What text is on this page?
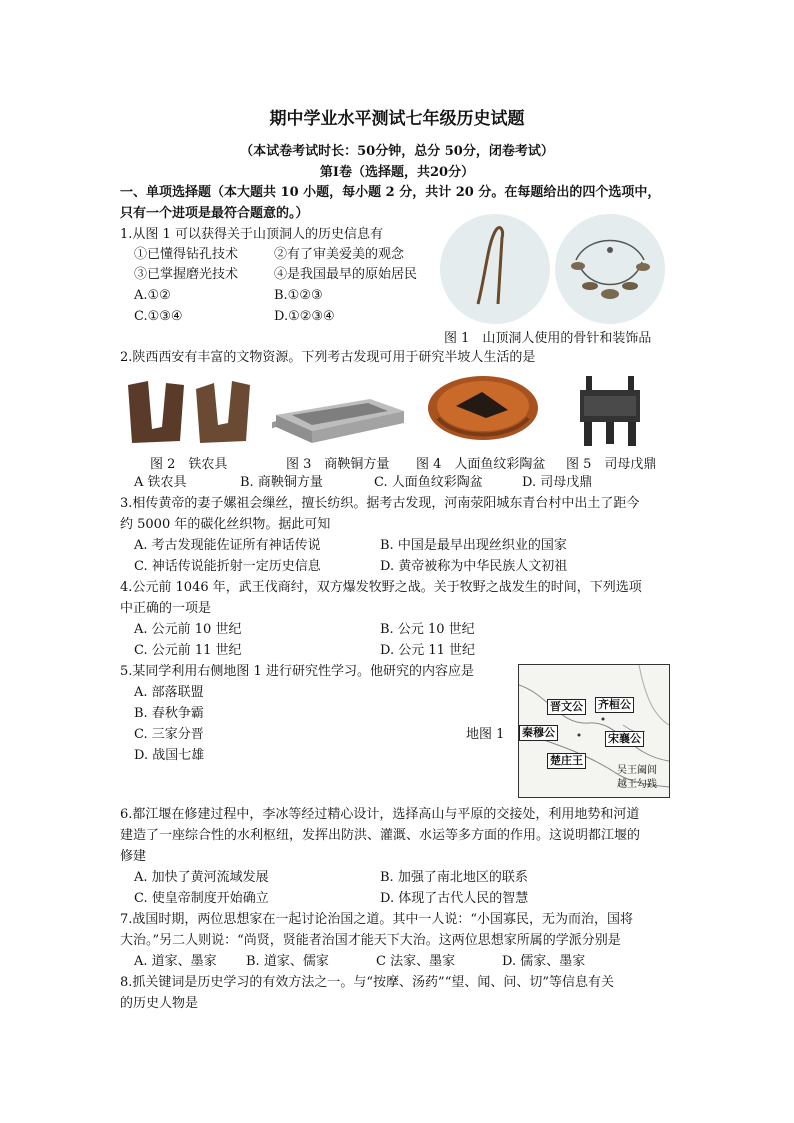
期中学业水平测试七年级历史试题
（本试卷考试时长：50分钟，总分 50分，闭卷考试）
第Ⅰ卷（选择题，共20分）
一、单项选择题（本大题共 10 小题，每小题 2 分，共计 20 分。在每题给出的四个选项中，
只有一个进项是最符合题意的。）
1.从图 1 可以获得关于山顶洞人的历史信息有
①已懂得钻孔技术	②有了审美爱美的观念
③已掌握磨光技术	④是我国最早的原始居民
A.①②	B.①②③
C.①③④	D.①②③④
图 1　山顶洞人使用的骨针和装饰品
2.陕西西安有丰富的文物资源。下列考古发现可用于研究半坡人生活的是
图 2　铁农具	图 3　商鞅铜方量 图 4　人面鱼纹彩陶盆 图 5　司母戊鼎
A 铁农具	B. 商鞅铜方量	C. 人面鱼纹彩陶盆	D. 司母戊鼎
3.相传黄帝的妻子嫘祖会缫丝，擅长纺织。据考古发现，河南荥阳城东青台村中出土了距今
约 5000 年的碳化丝织物。据此可知
A. 考古发现能佐证所有神话传说	B. 中国是最早出现丝织业的国家
C. 神话传说能折射一定历史信息	D. 黄帝被称为中华民族人文初祖
4.公元前 1046 年，武王伐商纣，双方爆发牧野之战。关于牧野之战发生的时间，下列选项
中正确的一项是
A. 公元前 10 世纪	B. 公元 10 世纪
C. 公元前 11 世纪	D. 公元 11 世纪
5.某同学利用右侧地图 1 进行研究性学习。他研究的内容应是
A. 部落联盟
B. 春秋争霸
C. 三家分晋
D. 战国七雄
地图 1
晋文公 齐桓公
秦穆公	宋襄公
楚庄王
吴王阖闾
越王勾践
6.都江堰在修建过程中，李冰等经过精心设计，选择高山与平原的交接处，利用地势和河道
建造了一座综合性的水利枢纽，发挥出防洪、灌溉、水运等多方面的作用。这说明都江堰的
修建
A. 加快了黄河流域发展	B. 加强了南北地区的联系
C. 使皇帝制度开始确立	D. 体现了古代人民的智慧
7.战国时期，两位思想家在一起讨论治国之道。其中一人说：“小国寡民，无为而治，国将
大治。”另二人则说：“尚贤，贤能者治国才能天下大治。这两位思想家所属的学派分别是
A. 道家、墨家 B. 道家、儒家	C 法家、墨家	D. 儒家、墨家
8.抓关键词是历史学习的有效方法之一。与“按摩、汤药”“望、闻、问、切”等信息有关
的历史人物是
